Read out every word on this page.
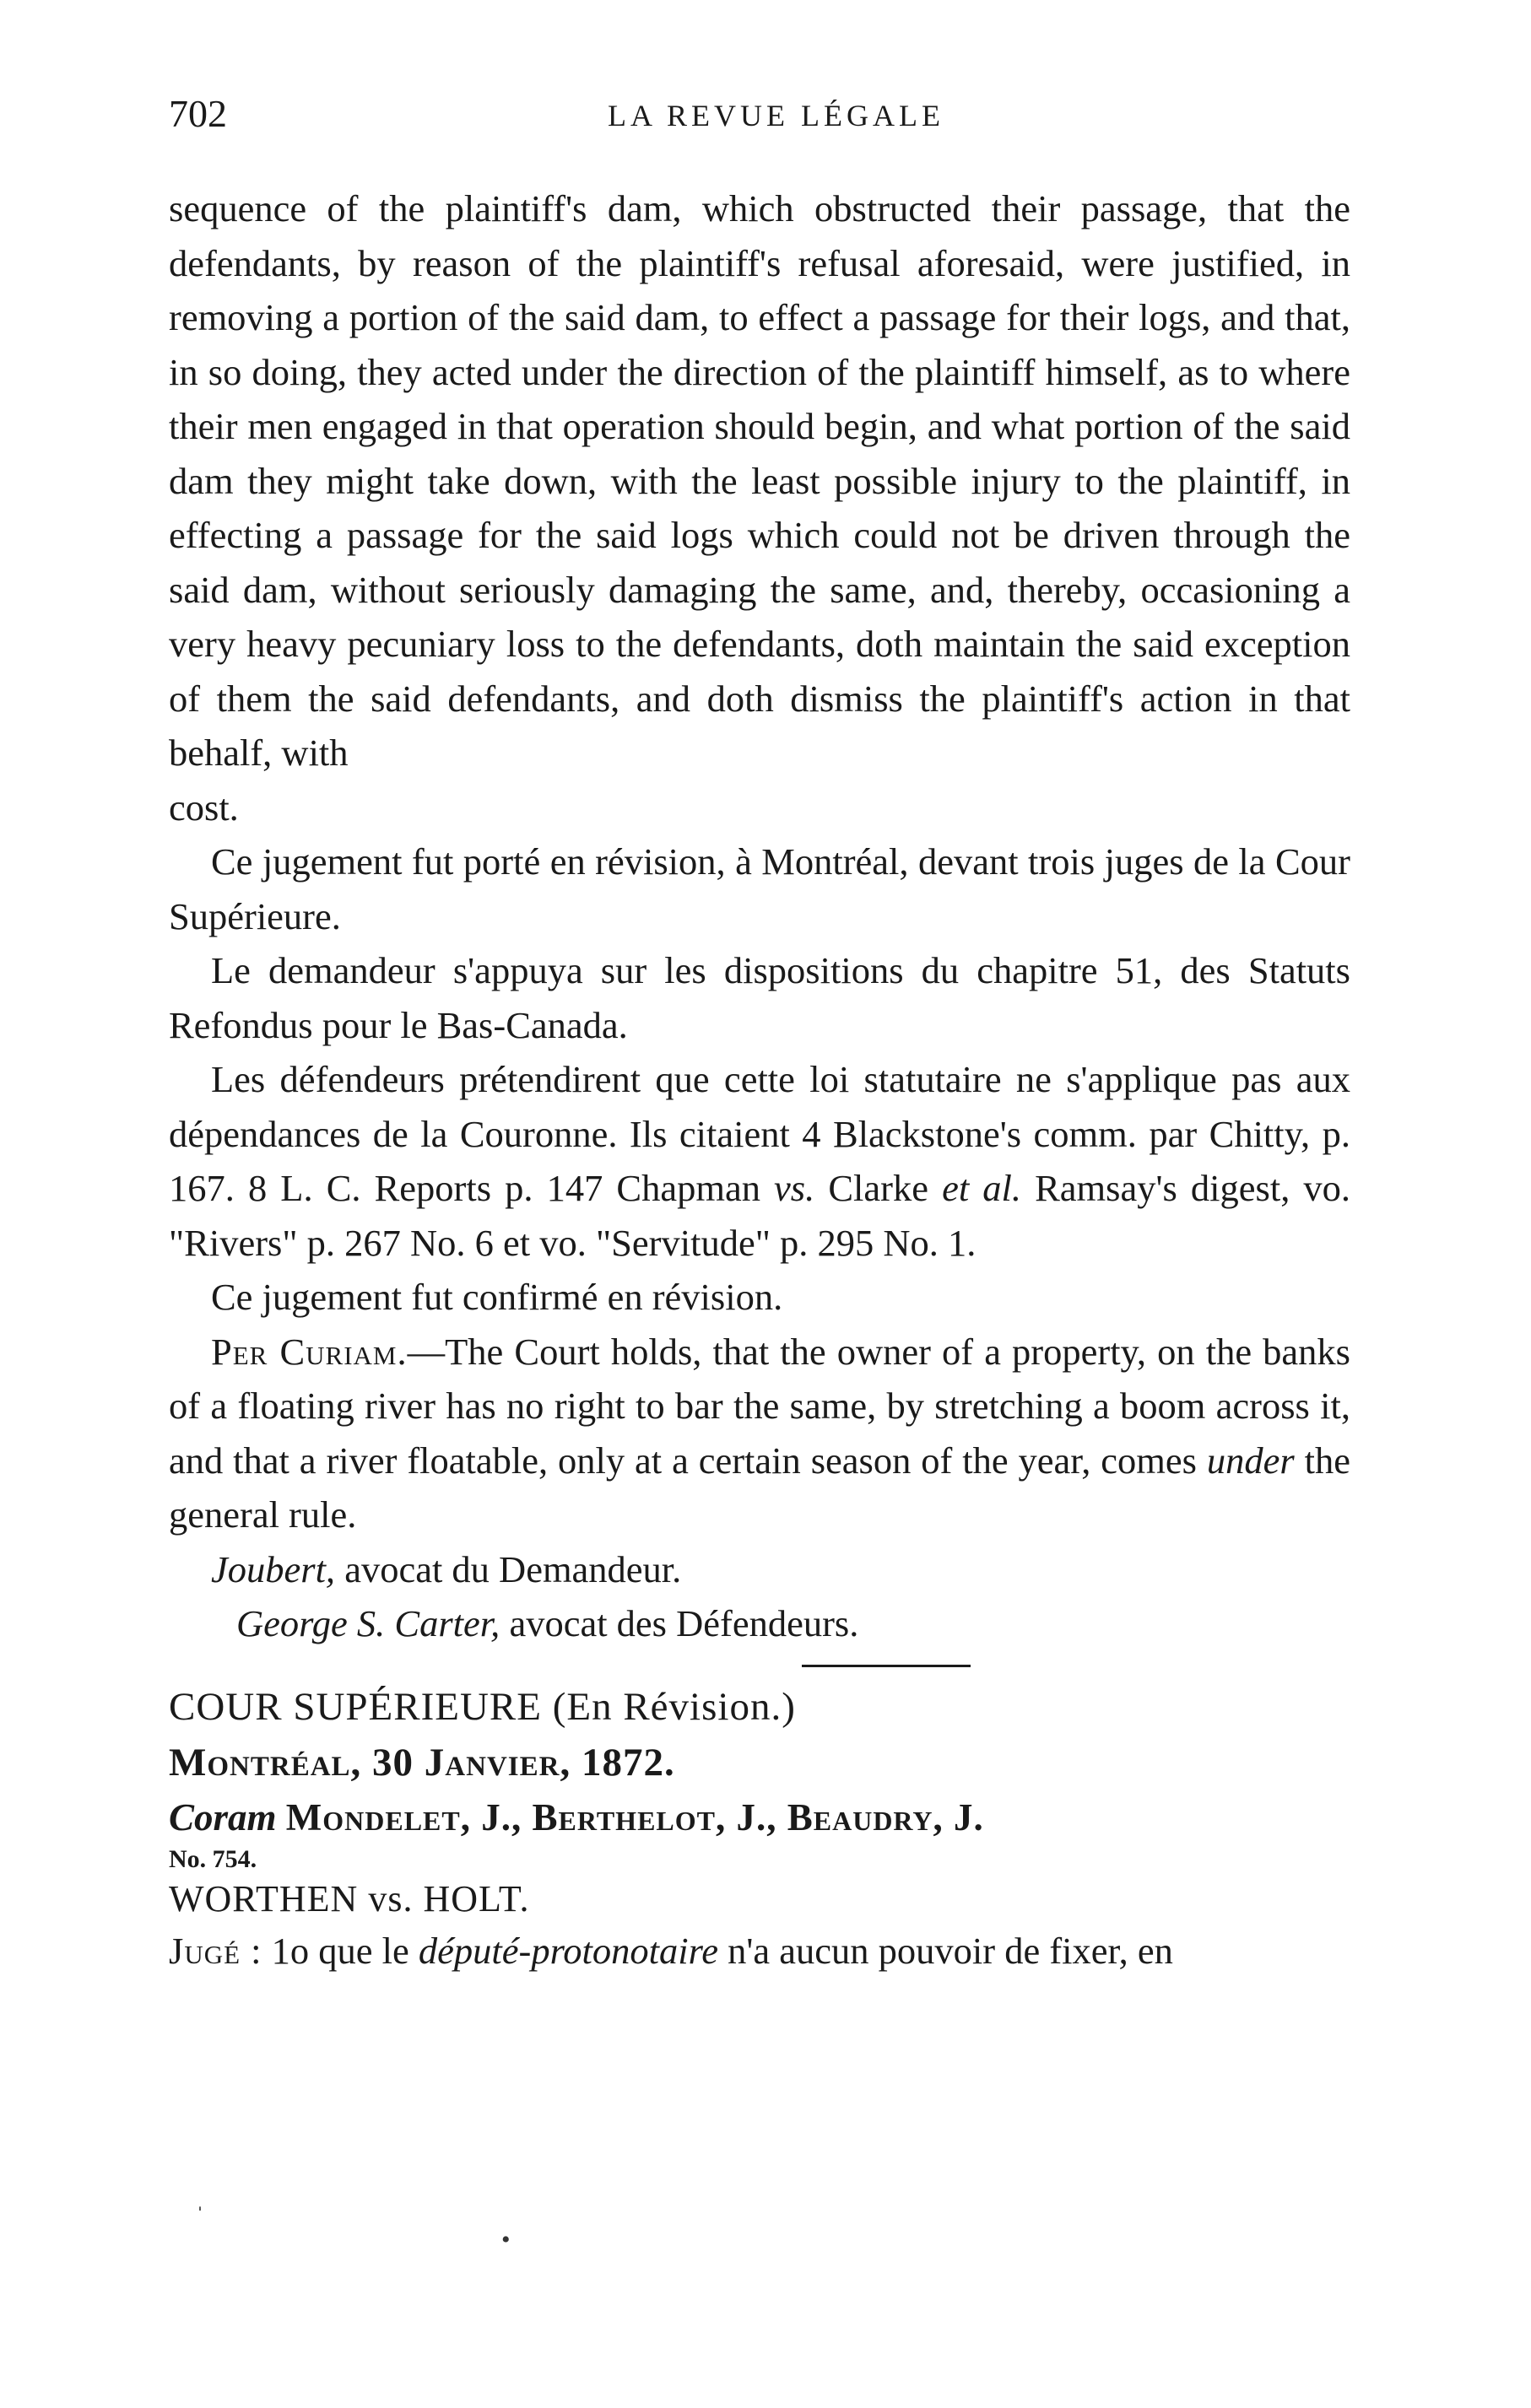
702	LA REVUE LÉGALE

sequence of the plaintiff's dam, which obstructed their passage, that the defendants, by reason of the plaintiff's refusal aforesaid, were justified, in removing a portion of the said dam, to effect a passage for their logs, and that, in so doing, they acted under the direction of the plaintiff himself, as to where their men engaged in that operation should begin, and what portion of the said dam they might take down, with the least possible injury to the plaintiff, in effecting a passage for the said logs which could not be driven through the said dam, without seriously damaging the same, and, thereby, occasioning a very heavy pecuniary loss to the defendants, doth maintain the said exception of them the said defendants, and doth dismiss the plaintiff's action in that behalf, with

cost.

Ce jugement fut porté en révision, à Montréal, devant trois juges de la Cour Supérieure.

Le demandeur s'appuya sur les dispositions du chapitre 51, des Statuts Refondus pour le Bas-Canada.

Les défendeurs prétendirent que cette loi statutaire ne s'applique pas aux dépendances de la Couronne. Ils citaient 4 Blackstone's comm. par Chitty, p. 167. 8 L. C. Reports p. 147 Chapman vs. Clarke et al. Ramsay's digest, vo. "Rivers" p. 267 No. 6 et vo. "Servitude" p. 295 No. 1.

Ce jugement fut confirmé en révision.

Per Curiam.—The Court holds, that the owner of a property, on the banks of a floating river has no right to bar the same, by stretching a boom across it, and that a river floatable, only at a certain season of the year, comes under the general rule.

Joubert, avocat du Demandeur.

George S. Carter, avocat des Défendeurs.

COUR SUPÉRIEURE (En Révision.)

Montréal, 30 Janvier, 1872.

Coram Mondelet, J., Berthelot, J., Beaudry, J.

No. 754.

WORTHEN vs. HOLT.

Jugé : 1o que le député-protonotaire n'a aucun pouvoir de fixer, en

•
ˈ
